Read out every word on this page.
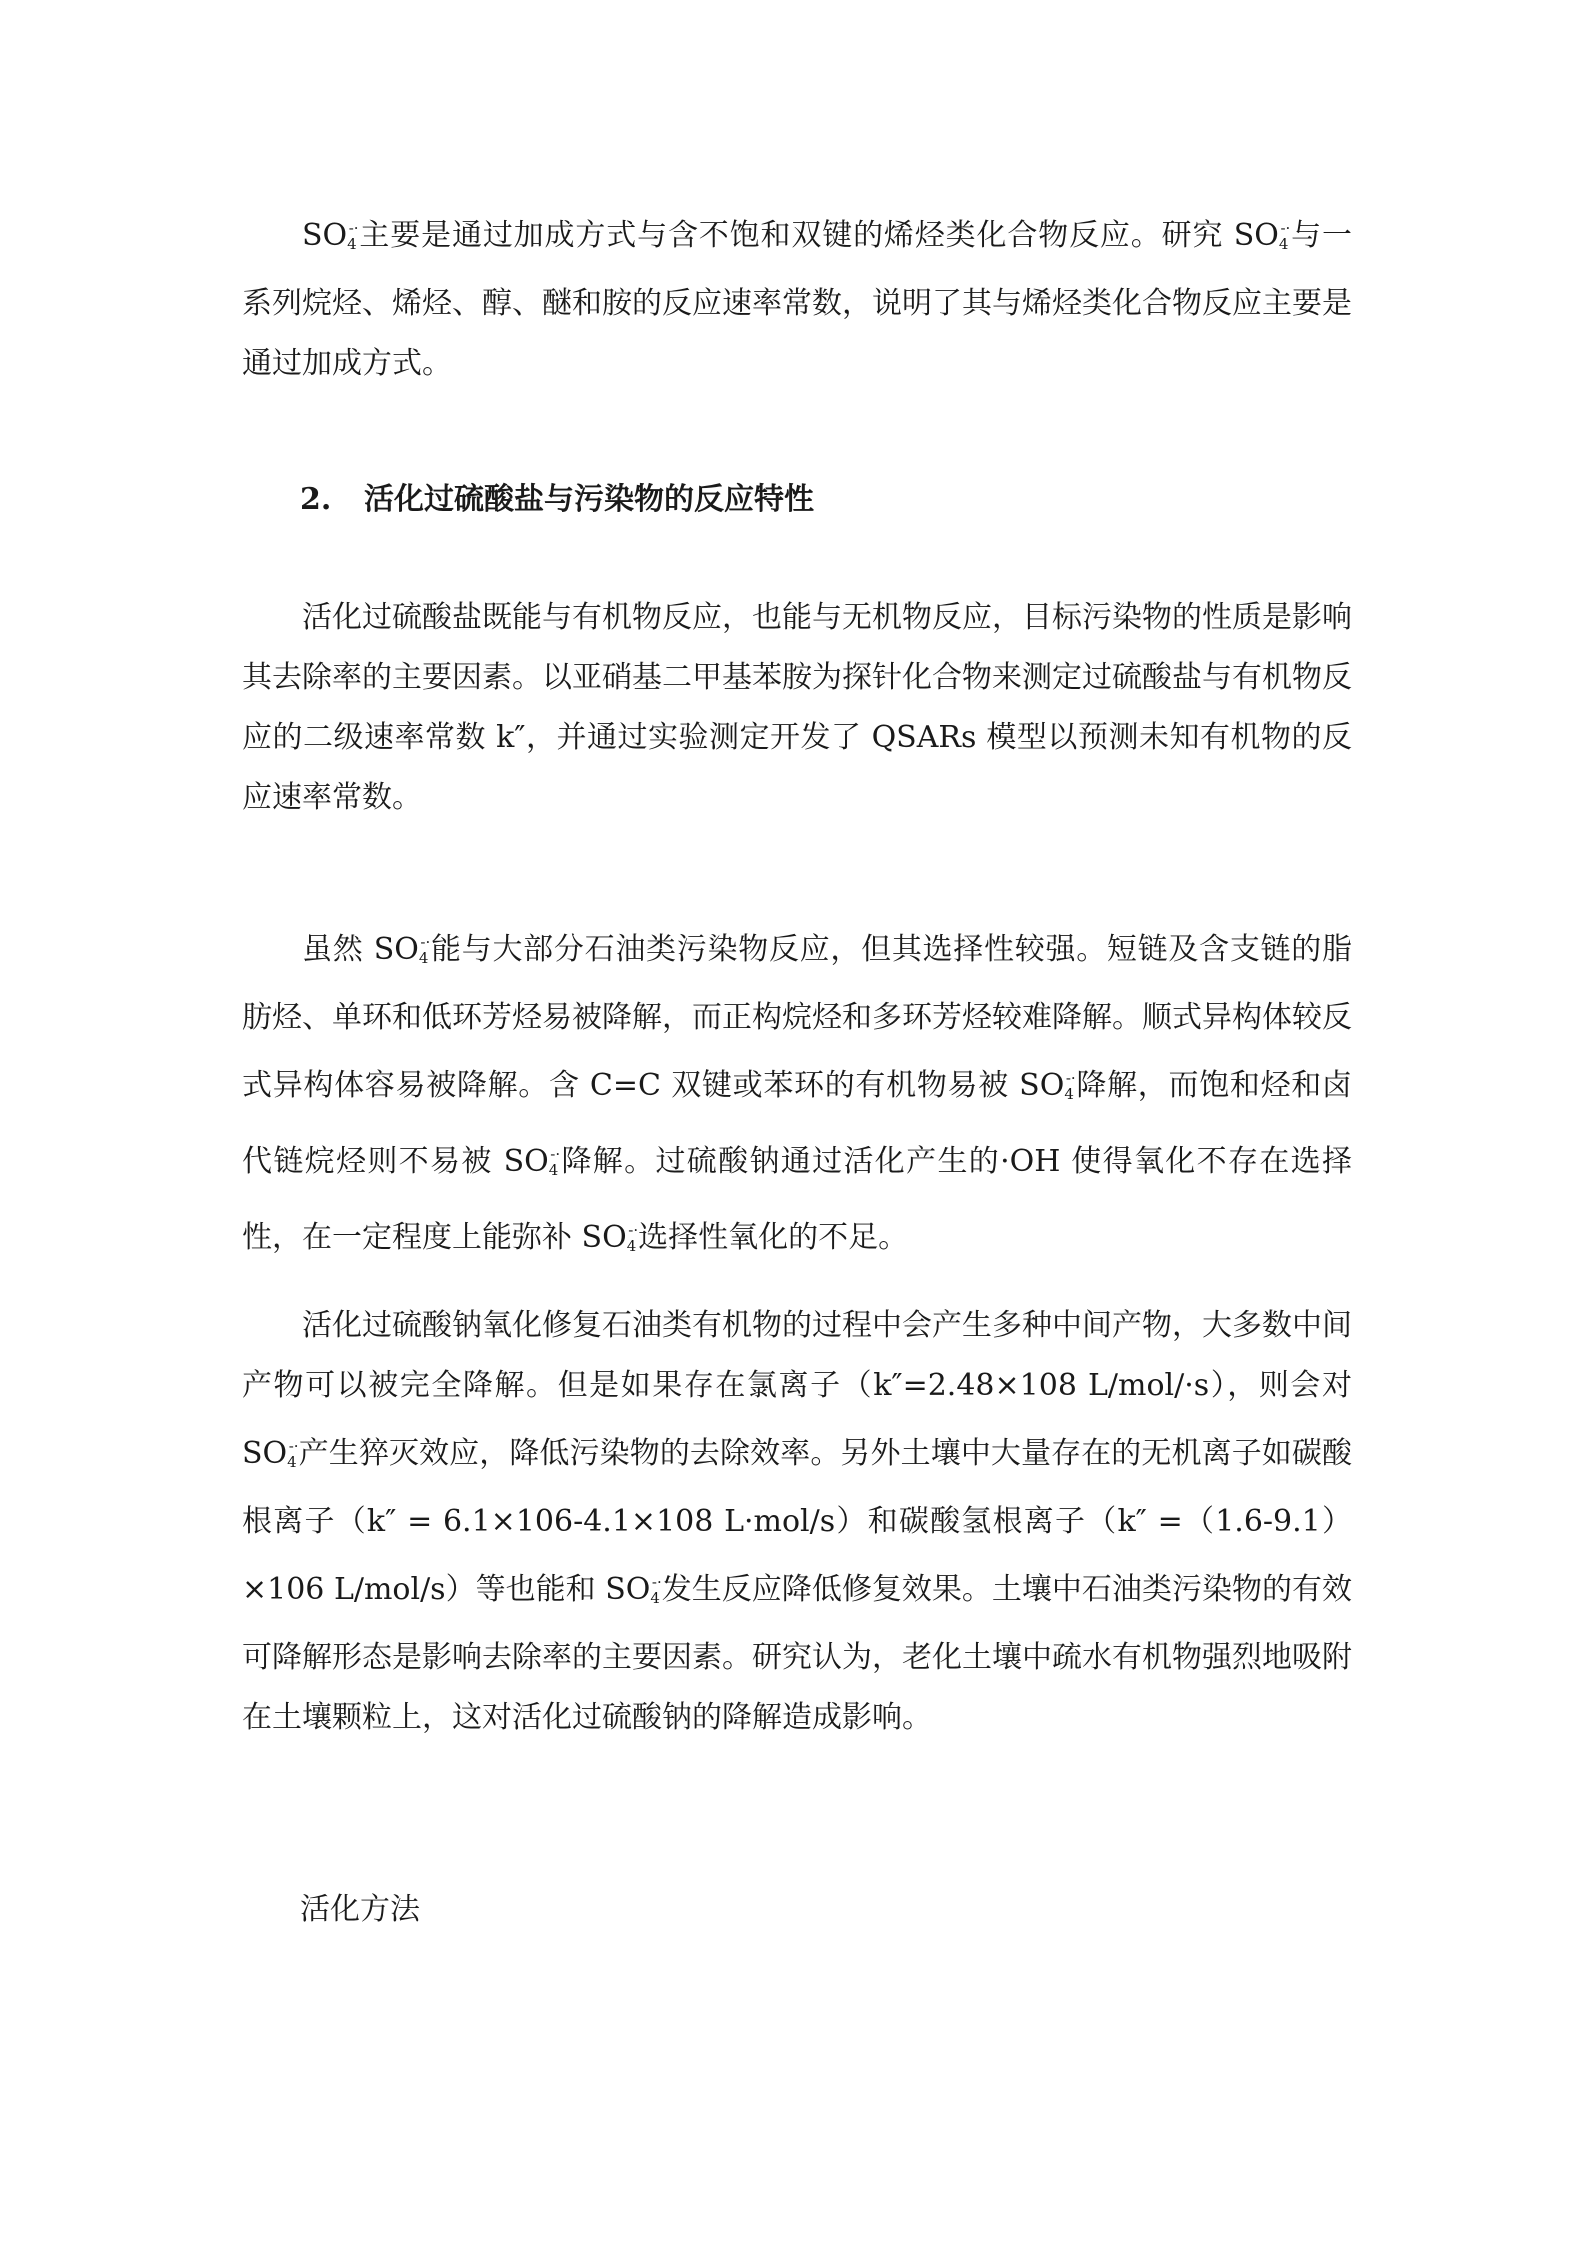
$SO_4^{-\cdot}$主要是通过加成方式与含不饱和双键的烯烃类化合物反应。研究 $SO_4^{-\cdot}$与一系列烷烃、烯烃、醇、醚和胺的反应速率常数，说明了其与烯烃类化合物反应主要是通过加成方式。

2. 活化过硫酸盐与污染物的反应特性

活化过硫酸盐既能与有机物反应，也能与无机物反应，目标污染物的性质是影响其去除率的主要因素。以亚硝基二甲基苯胺为探针化合物来测定过硫酸盐与有机物反应的二级速率常数 k″，并通过实验测定开发了 QSARs 模型以预测未知有机物的反应速率常数。

虽然 $SO_4^{-\cdot}$能与大部分石油类污染物反应，但其选择性较强。短链及含支链的脂肪烃、单环和低环芳烃易被降解，而正构烷烃和多环芳烃较难降解。顺式异构体较反式异构体容易被降解。含 C=C 双键或苯环的有机物易被 $SO_4^{-\cdot}$降解，而饱和烃和卤代链烷烃则不易被 $SO_4^{-\cdot}$降解。过硫酸钠通过活化产生的·OH 使得氧化不存在选择性，在一定程度上能弥补 $SO_4^{-\cdot}$选择性氧化的不足。

活化过硫酸钠氧化修复石油类有机物的过程中会产生多种中间产物，大多数中间产物可以被完全降解。但是如果存在氯离子（k″=2.48×108 L/mol/·s），则会对 $SO_4^{-\cdot}$产生猝灭效应，降低污染物的去除效率。另外土壤中大量存在的无机离子如碳酸根离子（k″ = 6.1×106-4.1×108 L·mol/s）和碳酸氢根离子（k″ =（1.6-9.1）×106 L/mol/s）等也能和 $SO_4^{-\cdot}$发生反应降低修复效果。土壤中石油类污染物的有效可降解形态是影响去除率的主要因素。研究认为，老化土壤中疏水有机物强烈地吸附在土壤颗粒上，这对活化过硫酸钠的降解造成影响。

活化方法
